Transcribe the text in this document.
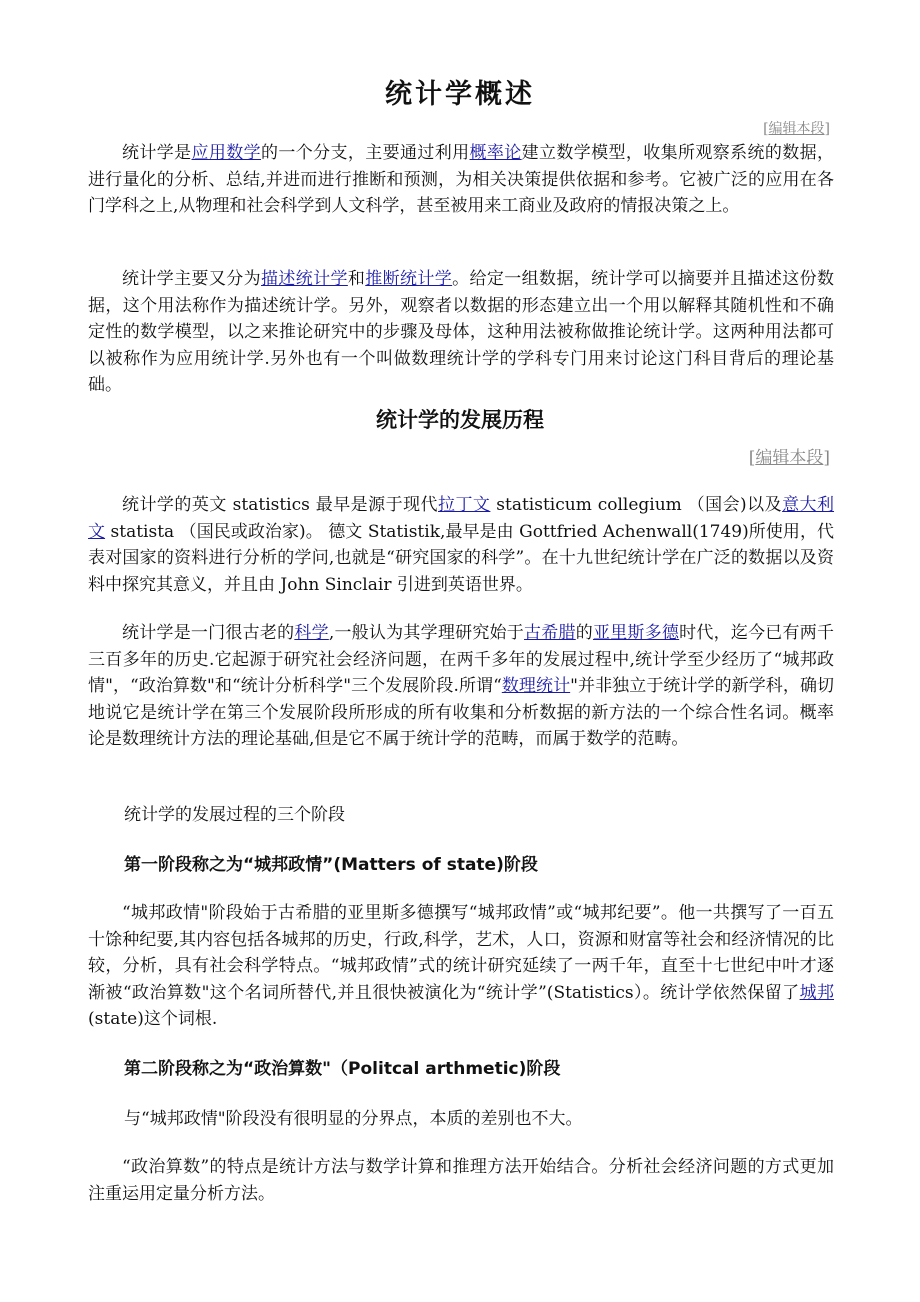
统计学概述
[编辑本段]

统计学是应用数学的一个分支，主要通过利用概率论建立数学模型，收集所观察系统的数据，进行量化的分析、总结,并进而进行推断和预测，为相关决策提供依据和参考。它被广泛的应用在各门学科之上,从物理和社会科学到人文科学，甚至被用来工商业及政府的情报决策之上。

统计学主要又分为描述统计学和推断统计学。给定一组数据，统计学可以摘要并且描述这份数据，这个用法称作为描述统计学。另外，观察者以数据的形态建立出一个用以解释其随机性和不确定性的数学模型，以之来推论研究中的步骤及母体，这种用法被称做推论统计学。这两种用法都可以被称作为应用统计学.另外也有一个叫做数理统计学的学科专门用来讨论这门科目背后的理论基础。

统计学的发展历程
[编辑本段]

统计学的英文 statistics 最早是源于现代拉丁文 statisticum collegium （国会)以及意大利文 statista （国民或政治家)。 德文 Statistik,最早是由 Gottfried Achenwall(1749)所使用，代表对国家的资料进行分析的学问,也就是“研究国家的科学”。在十九世纪统计学在广泛的数据以及资料中探究其意义，并且由 John Sinclair 引进到英语世界。

统计学是一门很古老的科学,一般认为其学理研究始于古希腊的亚里斯多德时代，迄今已有两千三百多年的历史.它起源于研究社会经济问题，在两千多年的发展过程中,统计学至少经历了“城邦政情"，“政治算数"和“统计分析科学"三个发展阶段.所谓“数理统计"并非独立于统计学的新学科，确切地说它是统计学在第三个发展阶段所形成的所有收集和分析数据的新方法的一个综合性名词。概率论是数理统计方法的理论基础,但是它不属于统计学的范畴，而属于数学的范畴。

统计学的发展过程的三个阶段

第一阶段称之为“城邦政情”(Matters of state)阶段

“城邦政情"阶段始于古希腊的亚里斯多德撰写“城邦政情”或“城邦纪要”。他一共撰写了一百五十馀种纪要,其内容包括各城邦的历史，行政,科学，艺术，人口，资源和财富等社会和经济情况的比较，分析，具有社会科学特点。“城邦政情”式的统计研究延续了一两千年，直至十七世纪中叶才逐渐被“政治算数"这个名词所替代,并且很快被演化为“统计学”(Statistics）。统计学依然保留了城邦(state)这个词根.

第二阶段称之为“政治算数"（Politcal arthmetic)阶段

与“城邦政情"阶段没有很明显的分界点，本质的差别也不大。

“政治算数”的特点是统计方法与数学计算和推理方法开始结合。分析社会经济问题的方式更加注重运用定量分析方法。
